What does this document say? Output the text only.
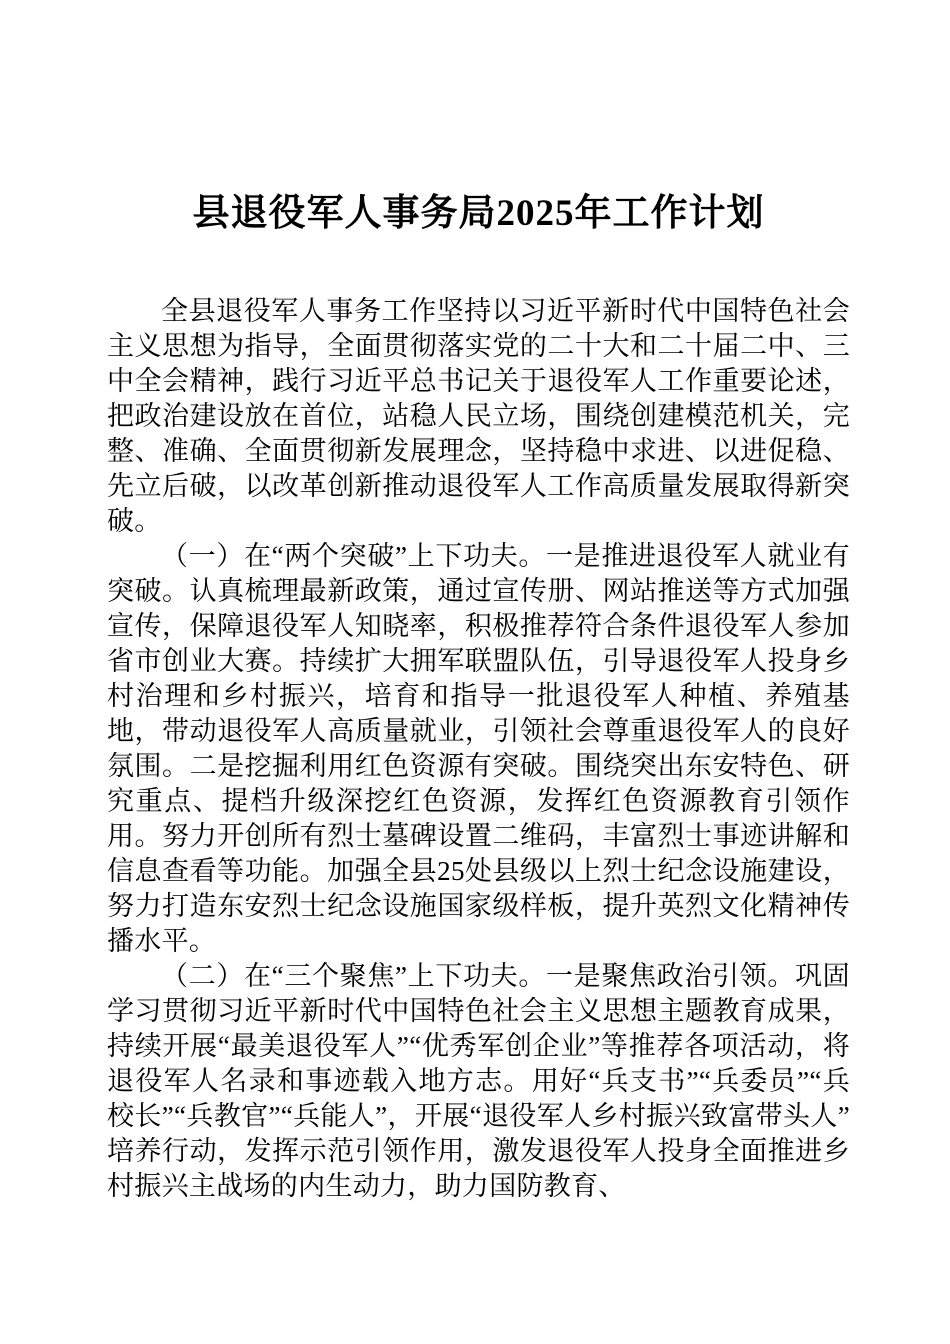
县退役军人事务局2025年工作计划

全县退役军人事务工作坚持以习近平新时代中国特色社会主义思想为指导，全面贯彻落实党的二十大和二十届二中、三中全会精神，践行习近平总书记关于退役军人工作重要论述，把政治建设放在首位，站稳人民立场，围绕创建模范机关，完整、准确、全面贯彻新发展理念，坚持稳中求进、以进促稳、先立后破，以改革创新推动退役军人工作高质量发展取得新突破。

（一）在“两个突破”上下功夫。一是推进退役军人就业有突破。认真梳理最新政策，通过宣传册、网站推送等方式加强宣传，保障退役军人知晓率，积极推荐符合条件退役军人参加省市创业大赛。持续扩大拥军联盟队伍，引导退役军人投身乡村治理和乡村振兴，培育和指导一批退役军人种植、养殖基地，带动退役军人高质量就业，引领社会尊重退役军人的良好氛围。二是挖掘利用红色资源有突破。围绕突出东安特色、研究重点、提档升级深挖红色资源，发挥红色资源教育引领作用。努力开创所有烈士墓碑设置二维码，丰富烈士事迹讲解和信息查看等功能。加强全县25处县级以上烈士纪念设施建设，努力打造东安烈士纪念设施国家级样板，提升英烈文化精神传播水平。

（二）在“三个聚焦”上下功夫。一是聚焦政治引领。巩固学习贯彻习近平新时代中国特色社会主义思想主题教育成果，持续开展“最美退役军人”“优秀军创企业”等推荐各项活动，将退役军人名录和事迹载入地方志。用好“兵支书”“兵委员”“兵校长”“兵教官”“兵能人”，开展“退役军人乡村振兴致富带头人”培养行动，发挥示范引领作用，激发退役军人投身全面推进乡村振兴主战场的内生动力，助力国防教育、
